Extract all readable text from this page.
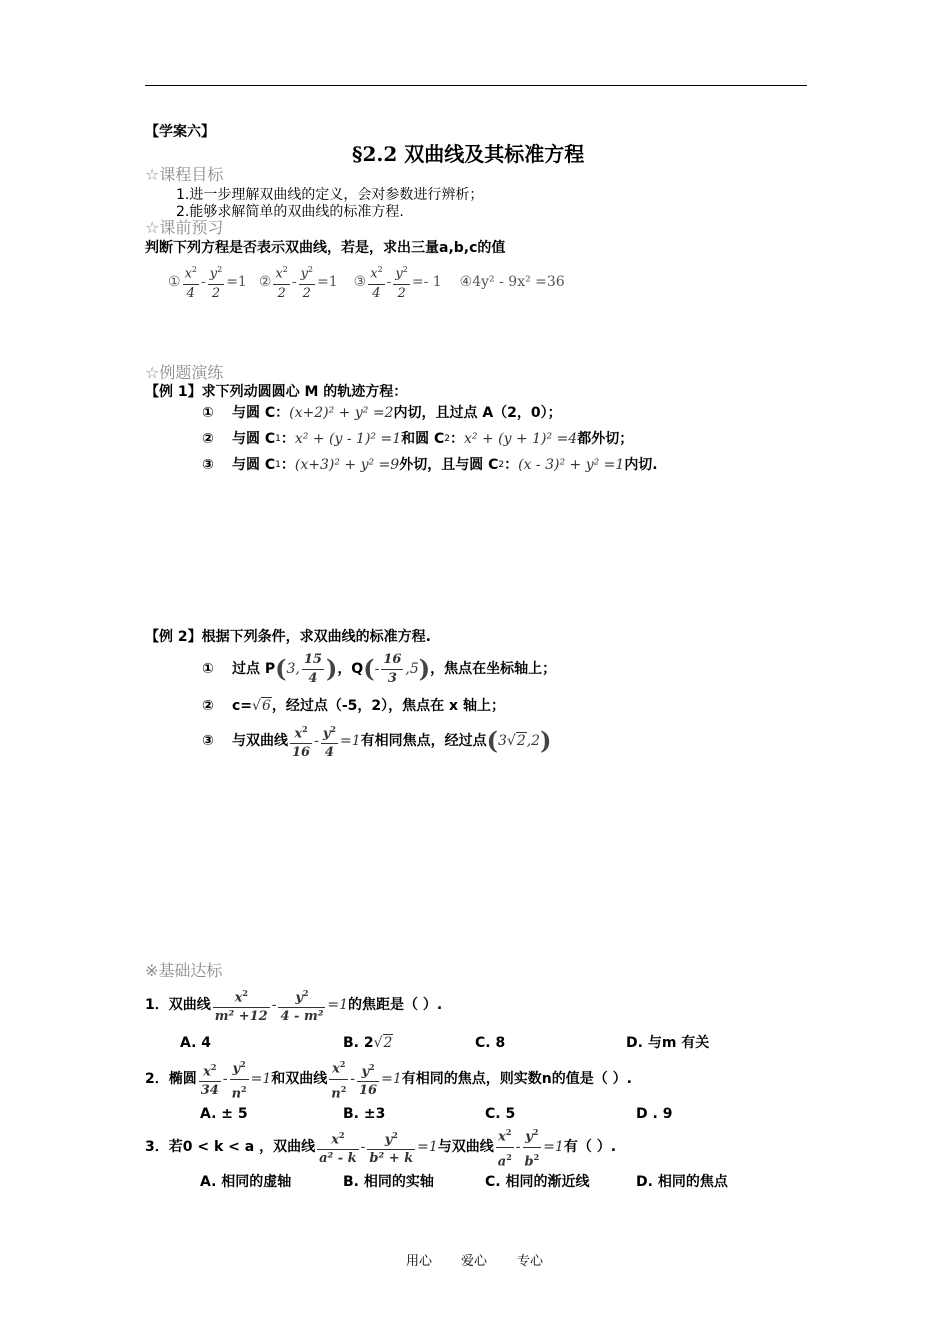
【学案六】
§2.2 双曲线及其标准方程
☆课程目标
1.进一步理解双曲线的定义，会对参数进行辨析；
2.能够求解简单的双曲线的标准方程.
☆课前预习
判断下列方程是否表示双曲线，若是，求出三量a,b,c的值
① $\frac{x^2}{4} - \frac{y^2}{2} =1$ ② $\frac{x^2}{2} - \frac{y^2}{2} =1$ ③ $\frac{x^2}{4} - \frac{y^2}{2} =- 1$ ④ 4y² - 9x² =36
☆例题演练
【例 1】求下列动圆圆心 M 的轨迹方程：
①	与圆 C： (x+2)² + y² =2 内切，且过点 A（2，0）；
②	与圆 C 1 ： x² + (y - 1)² =1 和圆 C 2 ： x² + (y + 1)² =4 都外切；
③	与圆 C 1 ： (x+3)² + y² =9 外切，且与圆 C 2 ： (x - 3)² + y² =1 内切.
【例 2】根据下列条件，求双曲线的标准方程.
①	过点 P ( 3, $\frac{15}{4}$ ) ，Q ( - $\frac{16}{3} ,5$ ) ，焦点在坐标轴上；
②	c= √6 ，经过点（-5，2），焦点在 x 轴上；
③	与双曲线 $\frac{x^2}{16} - \frac{y^2}{4} =1$ 有相同焦点，经过点 ( 3 √2 ,2 )
※基础达标
1．双曲线 $\frac{x^2}{\text{m² +12}} - \frac{y^2}{\text{4 - m²}} =1$ 的焦距是（ ）.
A. 4	B. 2 √2	C. 8	D. 与m 有关
2．椭圆 $\frac{x^2}{34} - \frac{y^2}{n^2} =1$ 和双曲线 $\frac{x^2}{n^2} - \frac{y^2}{16} =1$ 有相同的焦点，则实数n的值是（ ）.
A. ± 5	B. ±3	C. 5	D . 9
3．若0 < k < a ，双曲线 $\frac{x^2}{\text{a² - k}} - \frac{y^2}{\text{b² + k}} =1$ 与双曲线 $\frac{x^2}{a^2} - \frac{y^2}{b^2} =1$ 有（ ）.
A. 相同的虚轴	B. 相同的实轴	C. 相同的渐近线	D. 相同的焦点
用心 爱心 专心
